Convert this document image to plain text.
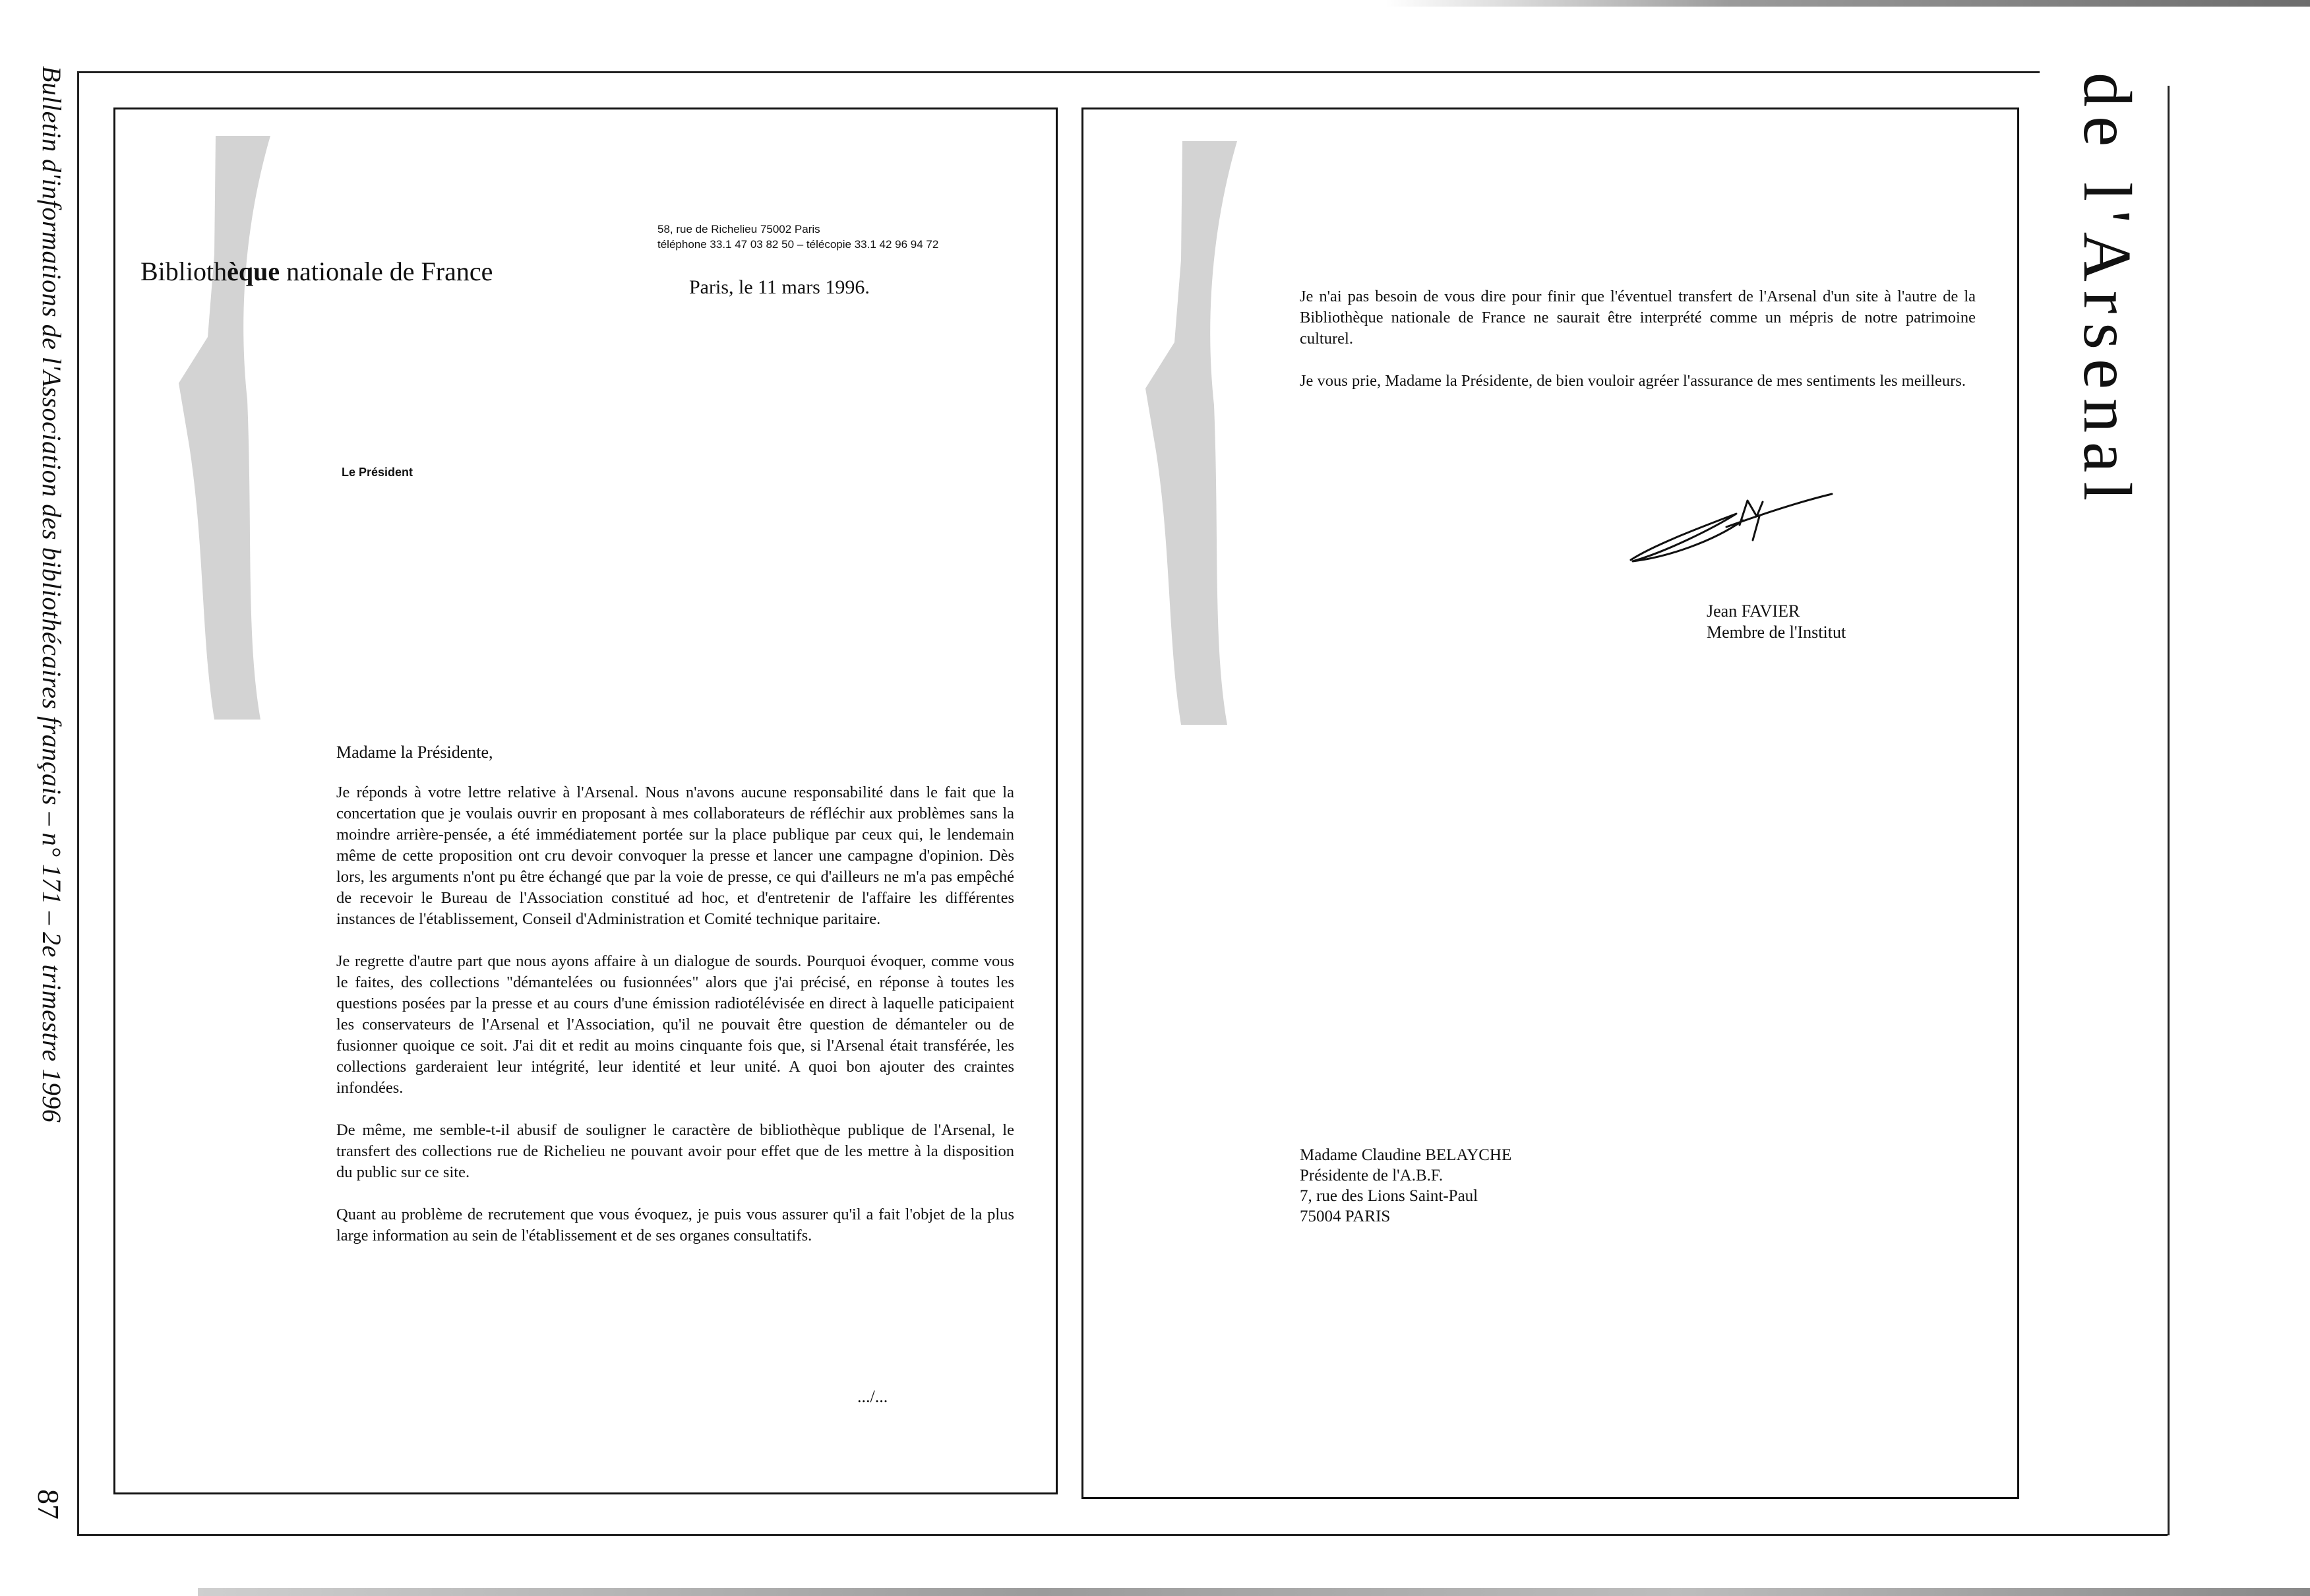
Bulletin d'informations de l'Association des bibliothécaires français – n° 171 – 2e trimestre 1996
87
de l'Arsenal
Bibliothèque nationale de France
58, rue de Richelieu 75002 Paris
téléphone 33.1 47 03 82 50 – télécopie 33.1 42 96 94 72
Paris, le 11 mars 1996.
Le Président
Madame la Présidente,

Je réponds à votre lettre relative à l'Arsenal. Nous n'avons aucune responsabilité dans le fait que la concertation que je voulais ouvrir en proposant à mes collaborateurs de réfléchir aux problèmes sans la moindre arrière-pensée, a été immédiatement portée sur la place publique par ceux qui, le lendemain même de cette proposition ont cru devoir convoquer la presse et lancer une campagne d'opinion. Dès lors, les arguments n'ont pu être échangé que par la voie de presse, ce qui d'ailleurs ne m'a pas empêché de recevoir le Bureau de l'Association constitué ad hoc, et d'entretenir de l'affaire les différentes instances de l'établissement, Conseil d'Administration et Comité technique paritaire.

Je regrette d'autre part que nous ayons affaire à un dialogue de sourds. Pourquoi évoquer, comme vous le faites, des collections "démantelées ou fusionnées" alors que j'ai précisé, en réponse à toutes les questions posées par la presse et au cours d'une émission radiotélévisée en direct à laquelle paticipaient les conservateurs de l'Arsenal et l'Association, qu'il ne pouvait être question de démanteler ou de fusionner quoique ce soit. J'ai dit et redit au moins cinquante fois que, si l'Arsenal était transférée, les collections garderaient leur intégrité, leur identité et leur unité. A quoi bon ajouter des craintes infondées.

De même, me semble-t-il abusif de souligner le caractère de bibliothèque publique de l'Arsenal, le transfert des collections rue de Richelieu ne pouvant avoir pour effet que de les mettre à la disposition du public sur ce site.

Quant au problème de recrutement que vous évoquez, je puis vous assurer qu'il a fait l'objet de la plus large information au sein de l'établissement et de ses organes consultatifs.

.../...

Je n'ai pas besoin de vous dire pour finir que l'éventuel transfert de l'Arsenal d'un site à l'autre de la Bibliothèque nationale de France ne saurait être interprété comme un mépris de notre patrimoine culturel.

Je vous prie, Madame la Présidente, de bien vouloir agréer l'assurance de mes sentiments les meilleurs.

Jean FAVIER
Membre de l'Institut
Madame Claudine BELAYCHE
Présidente de l'A.B.F.
7, rue des Lions Saint-Paul
75004 PARIS
